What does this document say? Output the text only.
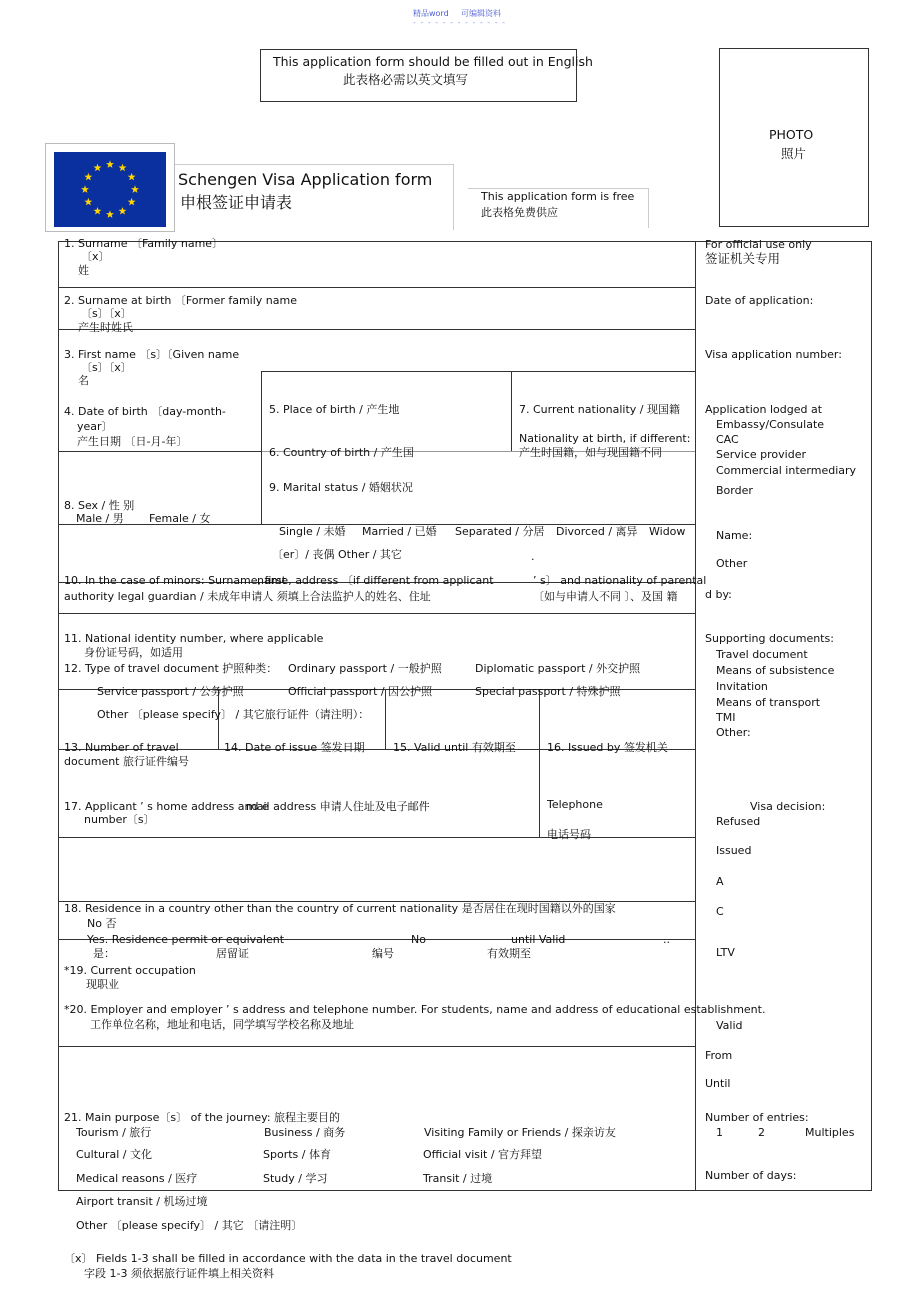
精品word 可编辑资料
- - - - - - - - - - - - -
This application form should be filled out in English
此表格必需以英文填写
PHOTO
照片
Schengen Visa Application form
申根签证申请表	This application form is free
此表格免费供应
1. Surname 〔Family name〕
〔x〕
姓
2. Surname at birth 〔Former family name
〔s〕〔x〕
产生时姓氏
3. First name 〔s〕〔Given name
〔s〕〔x〕
名
4. Date of birth 〔day-month-
year〕
产生日期 〔日-月-年〕
5. Place of birth / 产生地
6. Country of birth / 产生国
7. Current nationality / 现国籍
Nationality at birth, if different:
产生时国籍，如与现国籍不同
8. Sex / 性 别
Male / 男 Female / 女
9. Marital status / 婚姻状况
Single / 未婚 Married / 已婚 Separated / 分居 Divorced / 离异 Widow
〔er〕/ 丧偶 Other / 其它	.
10. In the case of minors: Surname, first
name, address 〔if different from applicant	’ s〕 and nationality of parental
authority legal guardian / 未成年申请人 须填上合法监护人的姓名、住址	〔如与申请人不同 〕、及国 籍
11. National identity number, where applicable
身份证号码，如适用
12. Type of travel document 护照种类： Ordinary passport / 一般护照	Diplomatic passport / 外交护照
Service passport / 公务护照	Official passport / 因公护照	Special passport / 特殊护照
Other 〔please specify〕 / 其它旅行证件（请注明）：
13. Number of travel
document 旅行证件编号
14. Date of issue 签发日期	15. Valid until 有效期至	16. Issued by 签发机关
17. Applicant ’ s home address and e
mail address 申请人住址及电子邮件
number〔s〕
Telephone
电话号码
18. Residence in a country other than the country of current nationality 是否居住在现时国籍以外的国家
No 否
Yes. Residence permit or equivalent	No	until Valid	..
是：	居留证	编号	有效期至
*19. Current occupation
现职业
*20. Employer and employer ’ s address and telephone number. For students, name and address of educational establishment.
工作单位名称，地址和电话，同学填写学校名称及地址
21. Main purpose〔s〕 of the journey: 旅程主要目的
Tourism / 旅行	Business / 商务	Visiting Family or Friends / 探亲访友
Cultural / 文化	Sports / 体育	Official visit / 官方拜望
Medical reasons / 医疗	Study / 学习	Transit / 过境
Airport transit / 机场过境
Other 〔please specify〕 / 其它 〔请注明〕
For official use only
签证机关专用
Date of application:
Visa application number:
Application lodged at
Embassy/Consulate
CAC
Service provider
Commercial intermediary
Border
Name:
Other
d by:
Supporting documents:
Travel document
Means of subsistence
Invitation
Means of transport
TMI
Other:
Visa decision:
Refused
Issued
A
C
LTV
Valid
From
Until
Number of entries:
1	2	Multiples
Number of days:
〔x〕 Fields 1-3 shall be filled in accordance with the data in the travel document
字段 1-3 须依据旅行证件填上相关资料
